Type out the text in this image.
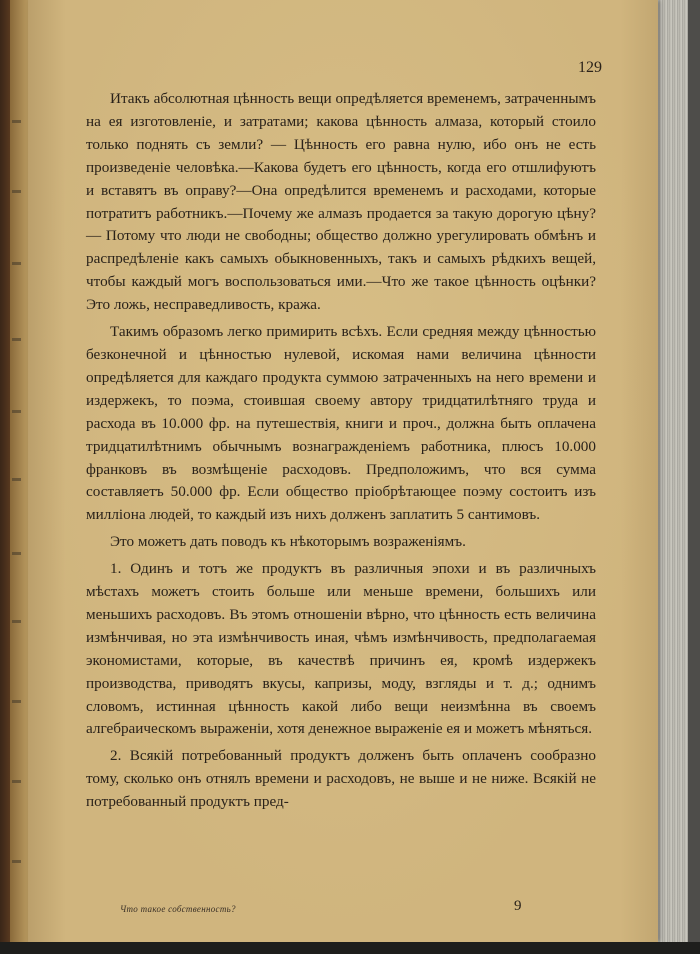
129

Итакъ абсолютная цѣнность вещи опредѣляется временемъ, затраченнымъ на ея изготовленіе, и затратами; какова цѣнность алмаза, который стоило только поднять съ земли? — Цѣнность его равна нулю, ибо онъ не есть произведеніе человѣка.—Какова будетъ его цѣнность, когда его отшлифуютъ и вставятъ въ оправу?—Она опредѣлится временемъ и расходами, которые потратитъ работникъ.—Почему же алмазъ продается за такую дорогую цѣну? — Потому что люди не свободны; общество должно урегулировать обмѣнъ и распредѣленіе какъ самыхъ обыкновенныхъ, такъ и самыхъ рѣдкихъ вещей, чтобы каждый могъ воспользоваться ими.—Что же такое цѣнность оцѣнки? Это ложь, несправедливость, кража.

Такимъ образомъ легко примирить всѣхъ. Если средняя между цѣнностью безконечной и цѣнностью нулевой, искомая нами величина цѣнности опредѣляется для каждаго продукта суммою затраченныхъ на него времени и издержекъ, то поэма, стоившая своему автору тридцатилѣтняго труда и расхода въ 10.000 фр. на путешествія, книги и проч., должна быть оплачена тридцатилѣтнимъ обычнымъ вознагражденіемъ работника, плюсъ 10.000 франковъ въ возмѣщеніе расходовъ. Предположимъ, что вся сумма составляетъ 50.000 фр. Если общество пріобрѣтающее поэму состоитъ изъ милліона людей, то каждый изъ нихъ долженъ заплатить 5 сантимовъ.

Это можетъ дать поводъ къ нѣкоторымъ возраженіямъ.

1. Одинъ и тотъ же продуктъ въ различныя эпохи и въ различныхъ мѣстахъ можетъ стоить больше или меньше времени, большихъ или меньшихъ расходовъ. Въ этомъ отношеніи вѣрно, что цѣнность есть величина измѣнчивая, но эта измѣнчивость иная, чѣмъ измѣнчивость, предполагаемая экономистами, которые, въ качествѣ причинъ ея, кромѣ издержекъ производства, приводятъ вкусы, капризы, моду, взгляды и т. д.; однимъ словомъ, истинная цѣнность какой либо вещи неизмѣнна въ своемъ алгебраическомъ выраженіи, хотя денежное выраженіе ея и можетъ мѣняться.

2. Всякій потребованный продуктъ долженъ быть оплаченъ сообразно тому, сколько онъ отнялъ времени и расходовъ, не выше и не ниже. Всякій не потребованный продуктъ пред-

Что такое собственность?	9
